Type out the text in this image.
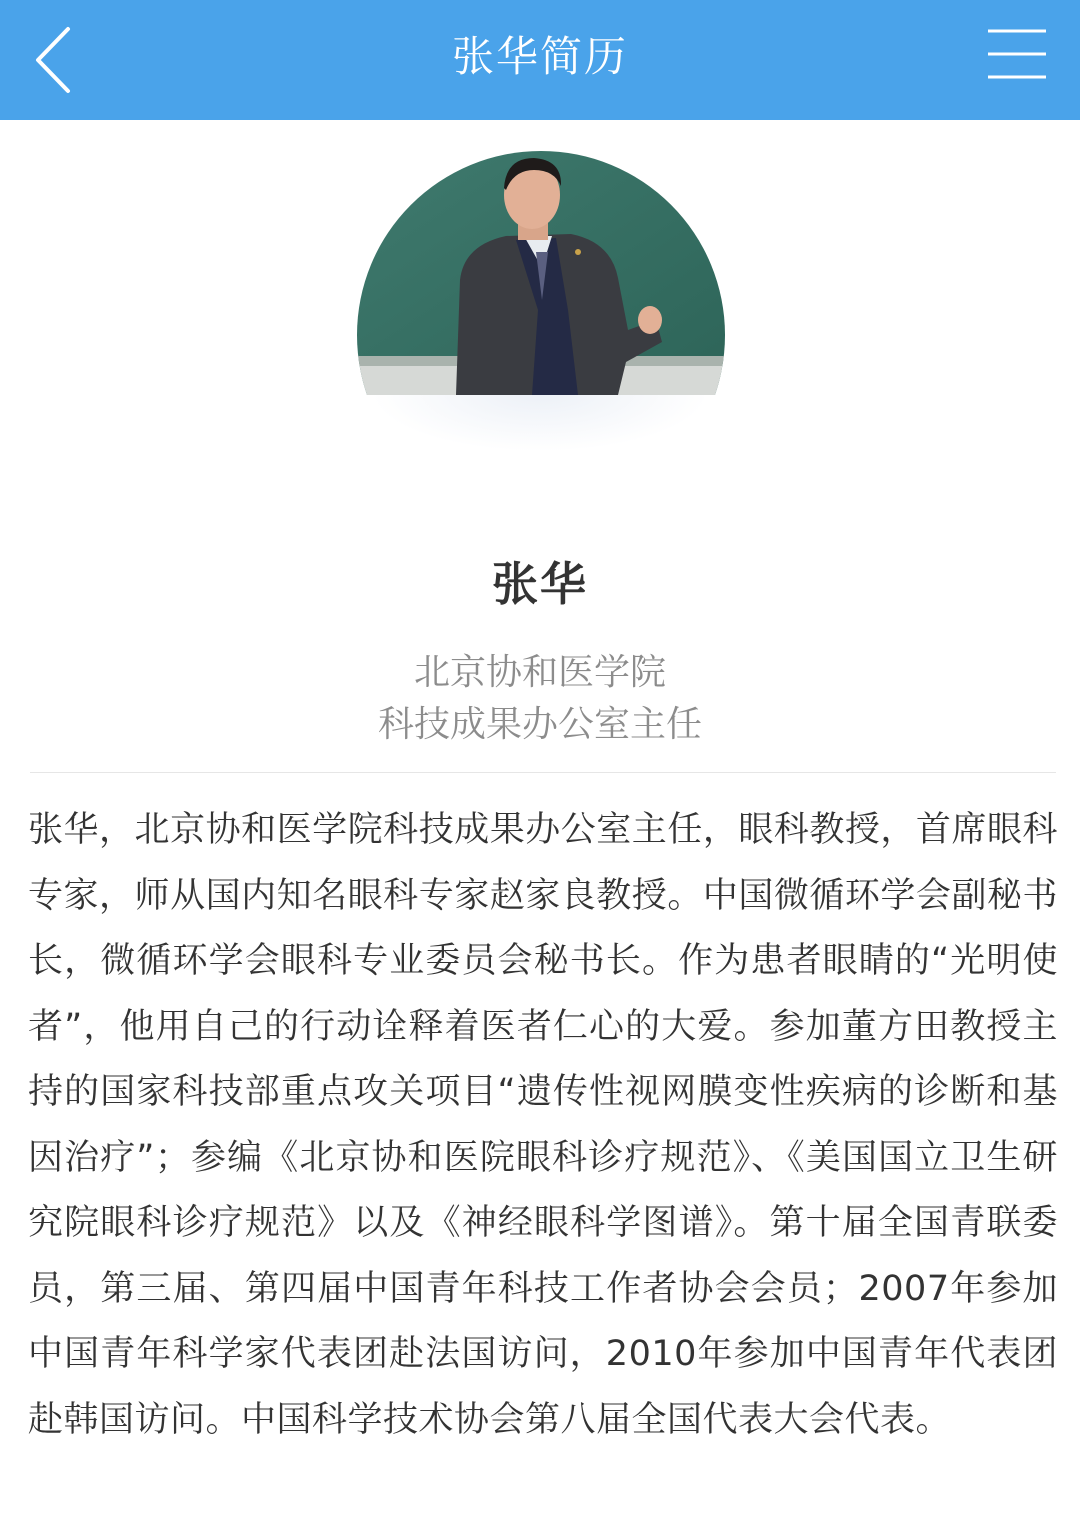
张华简历
张华
北京协和医学院
科技成果办公室主任
张华，北京协和医学院科技成果办公室主任，眼科教授，首席眼科专家，师从国内知名眼科专家赵家良教授。中国微循环学会副秘书长，微循环学会眼科专业委员会秘书长。作为患者眼睛的“光明使者”，他用自己的行动诠释着医者仁心的大爱。参加董方田教授主持的国家科技部重点攻关项目“遗传性视网膜变性疾病的诊断和基因治疗”；参编《北京协和医院眼科诊疗规范》、《美国国立卫生研究院眼科诊疗规范》以及《神经眼科学图谱》。第十届全国青联委员，第三届、第四届中国青年科技工作者协会会员；2007年参加中国青年科学家代表团赴法国访问，2010年参加中国青年代表团赴韩国访问。中国科学技术协会第八届全国代表大会代表。
